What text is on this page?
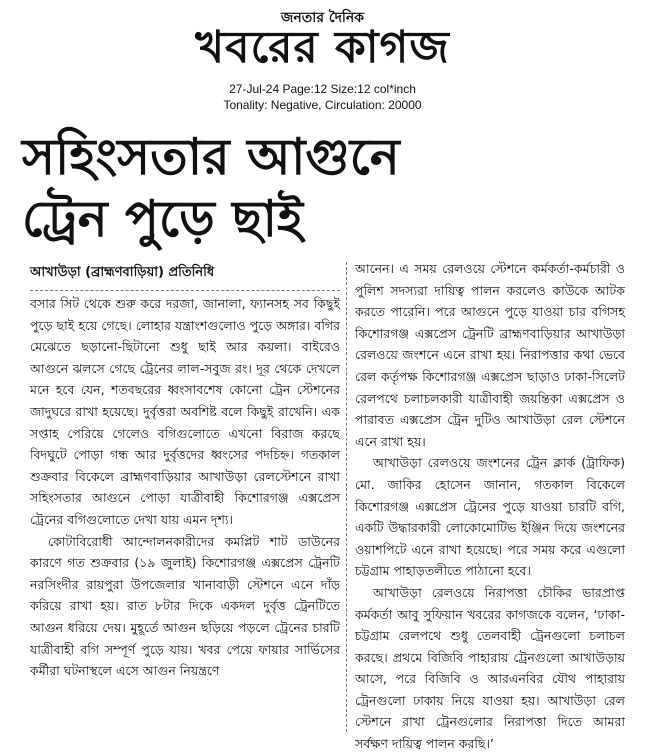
জনতার দৈনিক
খবরের কাগজ
27-Jul-24 Page:12 Size:12 col*inch
Tonality: Negative, Circulation: 20000
সহিংসতার আগুনে
ট্রেন পুড়ে ছাই
আখাউড়া (ব্রাহ্মণবাড়িয়া) প্রতিনিধি

বসার সিট থেকে শুরু করে দরজা, জানালা, ফ্যানসহ সব কিছুই পুড়ে ছাই হয়ে গেছে। লোহার যন্ত্রাংশগুলোও পুড়ে অঙ্গার। বগির মেঝেতে ছড়ানো-ছিটানো শুধু ছাই আর কয়লা। বাইরেও আগুনে ঝলসে গেছে ট্রেনের লাল-সবুজ রং। দূর থেকে দেখলে মনে হবে যেন, শতবছরের ধ্বংসাবশেষ কোনো ট্রেন স্টেশনের জাদুঘরে রাখা হয়েছে। দুর্বৃত্তরা অবশিষ্ট বলে কিছুই রাখেনি। এক সপ্তাহ পেরিয়ে গেলেও বগিগুলোতে এখনো বিরাজ করছে বিদঘুটে পোড়া গন্ধ আর দুর্বৃত্তদের ধ্বংসের পদচিহ্ন। গতকাল শুক্রবার বিকেলে ব্রাহ্মণবাড়িয়ার আখাউড়া রেলস্টেশনে রাখা সহিংসতার আগুনে পোড়া যাত্রীবাহী কিশোরগঞ্জ এক্সপ্রেস ট্রেনের বগিগুলোতে দেখা যায় এমন দৃশ্য।

কোটাবিরোধী আন্দোলনকারীদের কমপ্লিট শাট ডাউনের কারণে গত শুক্রবার (১৯ জুলাই) কিশোরগঞ্জ এক্সপ্রেস ট্রেনটি নরসিংদীর রায়পুরা উপজেলার খানাবাড়ী স্টেশনে এনে দাঁড় করিয়ে রাখা হয়। রাত ৮টার দিকে একদল দুর্বৃত্ত ট্রেনটিতে আগুন ধরিয়ে দেয়। মুহূর্তে আগুন ছড়িয়ে পড়লে ট্রেনের চারটি যাত্রীবাহী বগি সম্পূর্ণ পুড়ে যায়। খবর পেয়ে ফায়ার সার্ভিসের কর্মীরা ঘটনাস্থলে এসে আগুন নিয়ন্ত্রণে

আনেন। এ সময় রেলওয়ে স্টেশনে কর্মকর্তা-কর্মচারী ও পুলিশ সদস্যরা দায়িত্ব পালন করলেও কাউকে আটক করতে পারেনি। পরে আগুনে পুড়ে যাওয়া চার বগিসহ কিশোরগঞ্জ এক্সপ্রেস ট্রেনটি ব্রাহ্মণবাড়িয়ার আখাউড়া রেলওয়ে জংশনে এনে রাখা হয়। নিরাপত্তার কথা ভেবে রেল কর্তৃপক্ষ কিশোরগঞ্জ এক্সপ্রেস ছাড়াও ঢাকা-সিলেট রেলপথে চলাচলকারী যাত্রীবাহী জয়ন্তিকা এক্সপ্রেস ও পারাবত এক্সপ্রেস ট্রেন দুটিও আখাউড়া রেল স্টেশনে এনে রাখা হয়।

আখাউড়া রেলওয়ে জংশনের ট্রেন ক্লার্ক (ট্রাফিক) মো. জাকির হোসেন জানান, গতকাল বিকেলে কিশোরগঞ্জ এক্সপ্রেস ট্রেনের পুড়ে যাওয়া চারটি বগি, একটি উদ্ধারকারী লোকোমোটিভ ইঞ্জিন দিয়ে জংশনের ওয়াশপিটে এনে রাখা হয়েছে। পরে সময় করে এগুলো চট্টগ্রাম পাহাড়তলীতে পাঠানো হবে।

আখাউড়া রেলওয়ে নিরাপত্তা চৌকির ভারপ্রাপ্ত কর্মকর্তা আবু সুফিয়ান খবরের কাগজকে বলেন, ‘ঢাকা-চট্টগ্রাম রেলপথে শুধু তেলবাহী ট্রেনগুলো চলাচল করছে। প্রথমে বিজিবি পাহারায় ট্রেনগুলো আখাউড়ায় আসে, পরে বিজিবি ও আরএনবির যৌথ পাহারায় ট্রেনগুলো ঢাকায় নিয়ে যাওয়া হয়। আখাউড়া রেল স্টেশনে রাখা ট্রেনগুলোর নিরাপত্তা দিতে আমরা সর্বক্ষণ দায়িত্ব পালন করছি।’
